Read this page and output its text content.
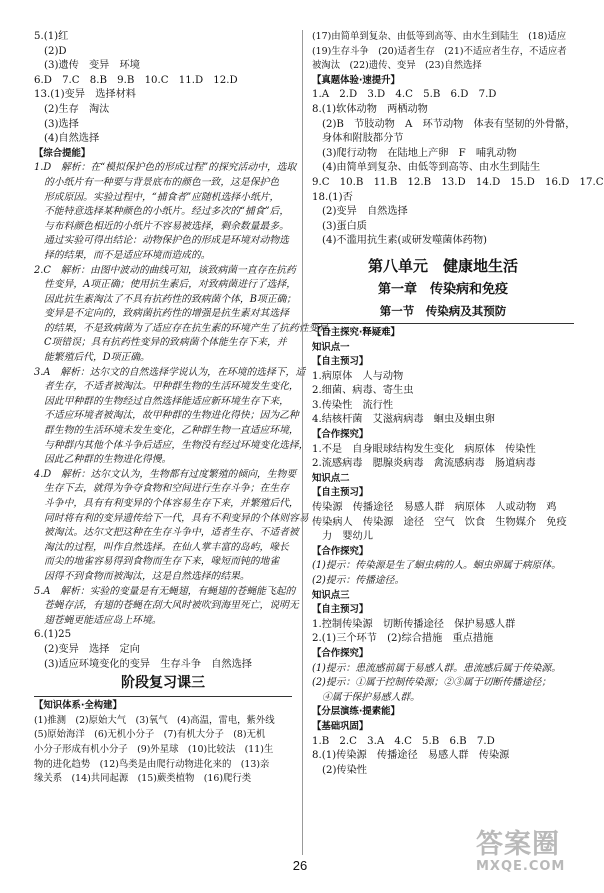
5.(1)红
(2)D
(3)遗传　变异　环境
6.D　7.C　8.B　9.B　10.C　11.D　12.D
13.(1)变异　选择材料
(2)生存　淘汰
(3)选择
(4)自然选择
【综合提能】
1.D　解析：在“模拟保护色的形成过程”的探究活动中，选取
的小纸片有一种要与背景底布的颜色一致，这是保护色
形成原因。实验过程中，“捕食者”应随机选择小纸片，
不能特意选择某种颜色的小纸片。经过多次的“捕食”后，
与布料颜色相近的小纸片不容易被选择，剩余数量最多。
通过实验可得出结论：动物保护色的形成是环境对动物选
择的结果，而不是适应环境而造成的。
2.C　解析：由图中波动的曲线可知，该致病菌一直存在抗药
性变异，A项正确；使用抗生素后，对致病菌进行了选择，
因此抗生素淘汰了不具有抗药性的致病菌个体，B项正确；
变异是不定向的，致病菌抗药性的增强是抗生素对其选择
的结果，不是致病菌为了适应存在抗生素的环境产生了抗药性变异，
C项错误；具有抗药性变异的致病菌个体能生存下来，并
能繁殖后代，D项正确。
3.A　解析：达尔文的自然选择学说认为，在环境的选择下，适
者生存，不适者被淘汰。甲种群生物的生活环境发生变化，
因此甲种群的生物经过自然选择能适应新环境生存下来，
不适应环境者被淘汰，故甲种群的生物进化得快；因为乙种
群生物的生活环境未发生变化，乙种群生物一直适应环境，
与种群内其他个体斗争后适应，生物没有经过环境变化选择，
因此乙种群的生物进化得慢。
4.D　解析：达尔文认为，生物都有过度繁殖的倾向，生物要
生存下去，就得为争夺食物和空间进行生存斗争；在生存
斗争中，具有有利变异的个体容易生存下来，并繁殖后代，
同时将有利的变异遗传给下一代，具有不利变异的个体则容易
被淘汰。达尔文把这种在生存斗争中，适者生存、不适者被
淘汰的过程，叫作自然选择。在仙人掌丰富的岛屿，喙长
而尖的地雀容易得到食物而生存下来，喙短而钝的地雀
因得不到食物而被淘汰，这是自然选择的结果。
5.A　解析：实验的变量是有无蝇翅，有蝇翅的苍蝇能飞起的
苍蝇存活，有翅的苍蝇在刮大风时被吹到海里死亡，说明无
翅苍蝇更能适应岛上环境。
6.(1)25
(2)变异　选择　定向
(3)适应环境变化的变异　生存斗争　自然选择
阶段复习课三
【知识体系·全构建】
(1)推测　(2)原始大气　(3)氧气　(4)高温，雷电，紫外线
(5)原始海洋　(6)无机小分子　(7)有机大分子　(8)无机
小分子形成有机小分子　(9)外星球　(10)比较法　(11)生
物的进化趋势　(12)鸟类是由爬行动物进化来的　(13)亲
缘关系　(14)共同起源　(15)蕨类植物　(16)爬行类
(17)由简单到复杂、由低等到高等、由水生到陆生　(18)适应
(19)生存斗争　(20)适者生存　(21)不适应者生存，不适应者
被淘汰　(22)遗传、变异　(23)自然选择
【真题体验·速提升】
1.A　2.D　3.D　4.C　5.B　6.D　7.D
8.(1)软体动物　两栖动物
(2)B　节肢动物　A　环节动物　体表有坚韧的外骨骼，
身体和附肢都分节
(3)爬行动物　在陆地上产卵　F　哺乳动物
(4)由简单到复杂、由低等到高等、由水生到陆生
9.C　10.B　11.B　12.B　13.D　14.D　15.D　16.D　17.C
18.(1)否
(2)变异　自然选择
(3)蛋白质
(4)不滥用抗生素(或研发噬菌体药物)
第八单元　健康地生活
第一章　传染病和免疫
第一节　传染病及其预防
【自主探究·释疑难】
知识点一
【自主预习】
1.病原体　人与动物
2.细菌、病毒、寄生虫
3.传染性　流行性
4.结核杆菌　艾滋病病毒　蛔虫及蛔虫卵
【合作探究】
1.不是　自身眼球结构发生变化　病原体　传染性
2.流感病毒　腮腺炎病毒　禽流感病毒　肠道病毒
知识点二
【自主预习】
传染源　传播途径　易感人群　病原体　人或动物　鸡
传染病人　传染源　途径　空气　饮食　生物媒介　免疫
力　婴幼儿
【合作探究】
(1)提示：传染源是生了蛔虫病的人。蛔虫卵属于病原体。
(2)提示：传播途径。
知识点三
【自主预习】
1.控制传染源　切断传播途径　保护易感人群
2.(1)三个环节　(2)综合措施　重点措施
【合作探究】
(1)提示：患流感前属于易感人群。患流感后属于传染源。
(2)提示：①属于控制传染源；②③属于切断传播途径；
④属于保护易感人群。
【分层演练·提素能】
【基础巩固】
1.B　2.C　3.A　4.C　5.B　6.B　7.D
8.(1)传染源　传播途径　易感人群　传染源
(2)传染性
26
答案圈
MXQE.COM
